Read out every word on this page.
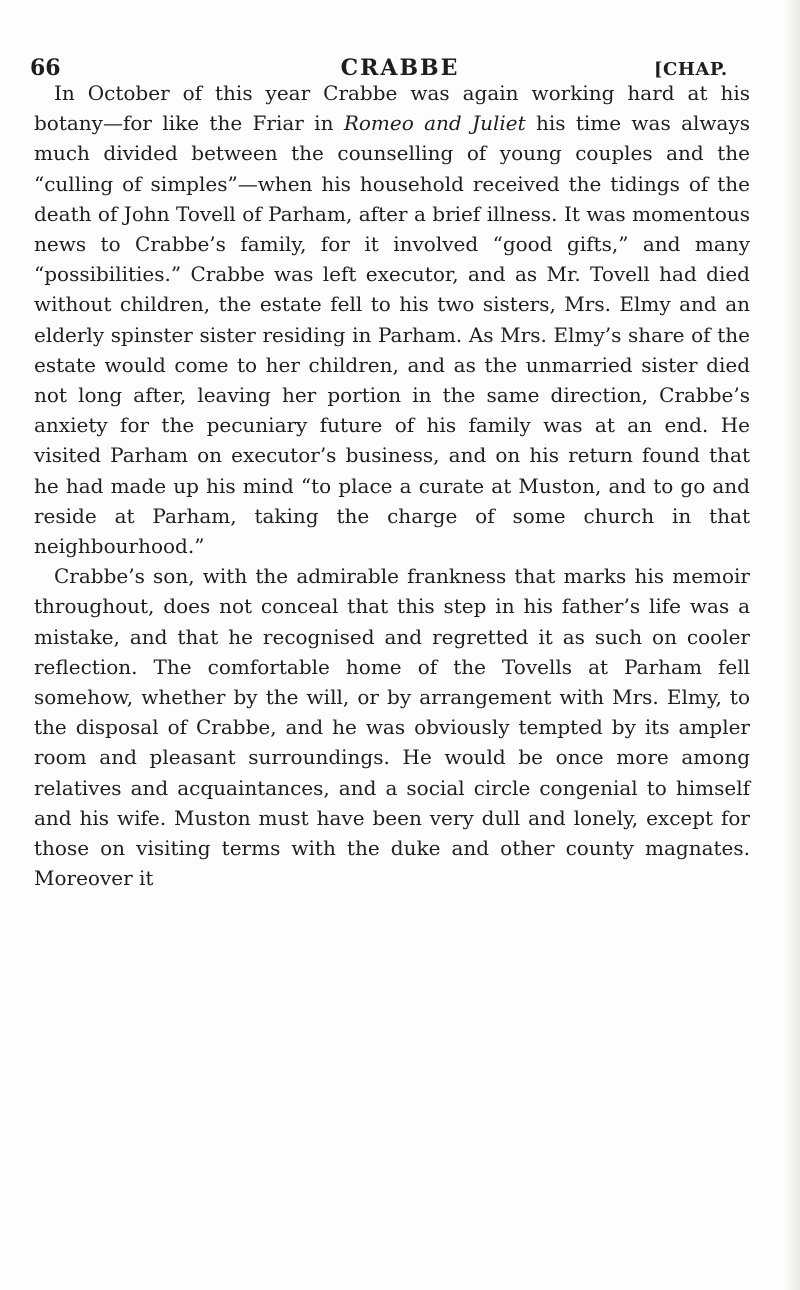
66	CRABBE	[CHAP.

In October of this year Crabbe was again working hard at his botany—for like the Friar in Romeo and Juliet his time was always much divided between the counselling of young couples and the “culling of simples”—when his household received the tidings of the death of John Tovell of Parham, after a brief illness. It was momentous news to Crabbe’s family, for it involved “good gifts,” and many “possibilities.” Crabbe was left executor, and as Mr. Tovell had died without children, the estate fell to his two sisters, Mrs. Elmy and an elderly spinster sister residing in Parham. As Mrs. Elmy’s share of the estate would come to her children, and as the unmarried sister died not long after, leaving her portion in the same direction, Crabbe’s anxiety for the pecuniary future of his family was at an end. He visited Parham on executor’s business, and on his return found that he had made up his mind “to place a curate at Muston, and to go and reside at Parham, taking the charge of some church in that neighbourhood.”

Crabbe’s son, with the admirable frankness that marks his memoir throughout, does not conceal that this step in his father’s life was a mistake, and that he recognised and regretted it as such on cooler reflection. The comfortable home of the Tovells at Parham fell somehow, whether by the will, or by arrangement with Mrs. Elmy, to the disposal of Crabbe, and he was obviously tempted by its ampler room and pleasant surroundings. He would be once more among relatives and acquaintances, and a social circle congenial to himself and his wife. Muston must have been very dull and lonely, except for those on visiting terms with the duke and other county magnates. Moreover it
